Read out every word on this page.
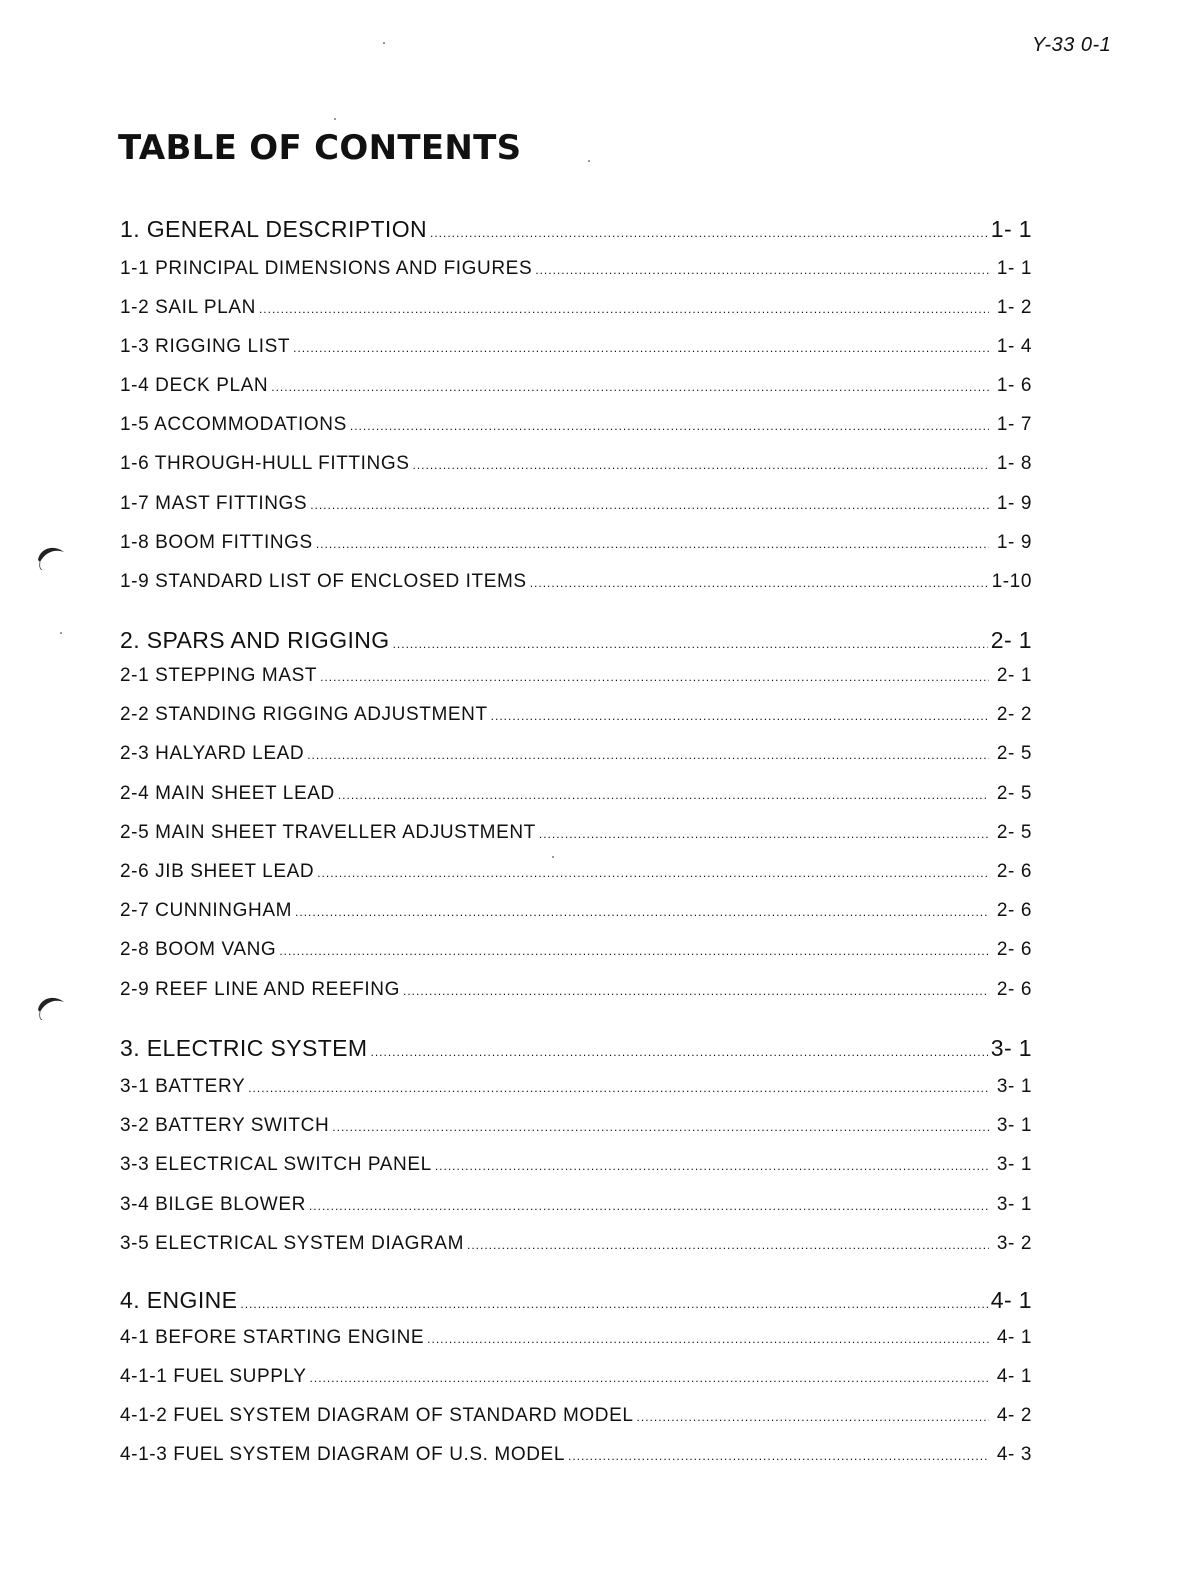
Y-33 0-1
TABLE OF CONTENTS
1. GENERAL DESCRIPTION .....	1- 1
1-1 PRINCIPAL DIMENSIONS AND FIGURES .....	1- 1
1-2 SAIL PLAN .....	1- 2
1-3 RIGGING LIST .....	1- 4
1-4 DECK PLAN .....	1- 6
1-5 ACCOMMODATIONS .....	1- 7
1-6 THROUGH-HULL FITTINGS .....	1- 8
1-7 MAST FITTINGS .....	1- 9
1-8 BOOM FITTINGS .....	1- 9
1-9 STANDARD LIST OF ENCLOSED ITEMS .....	1-10
2. SPARS AND RIGGING .....	2- 1
2-1 STEPPING MAST .....	2- 1
2-2 STANDING RIGGING ADJUSTMENT .....	2- 2
2-3 HALYARD LEAD .....	2- 5
2-4 MAIN SHEET LEAD .....	2- 5
2-5 MAIN SHEET TRAVELLER ADJUSTMENT .....	2- 5
2-6 JIB SHEET LEAD .....	2- 6
2-7 CUNNINGHAM .....	2- 6
2-8 BOOM VANG .....	2- 6
2-9 REEF LINE AND REEFING .....	2- 6
3. ELECTRIC SYSTEM .....	3- 1
3-1 BATTERY .....	3- 1
3-2 BATTERY SWITCH .....	3- 1
3-3 ELECTRICAL SWITCH PANEL .....	3- 1
3-4 BILGE BLOWER .....	3- 1
3-5 ELECTRICAL SYSTEM DIAGRAM .....	3- 2
4. ENGINE .....	4- 1
4-1 BEFORE STARTING ENGINE .....	4- 1
4-1-1 FUEL SUPPLY .....	4- 1
4-1-2 FUEL SYSTEM DIAGRAM OF STANDARD MODEL .....	4- 2
4-1-3 FUEL SYSTEM DIAGRAM OF U.S. MODEL .....	4- 3
